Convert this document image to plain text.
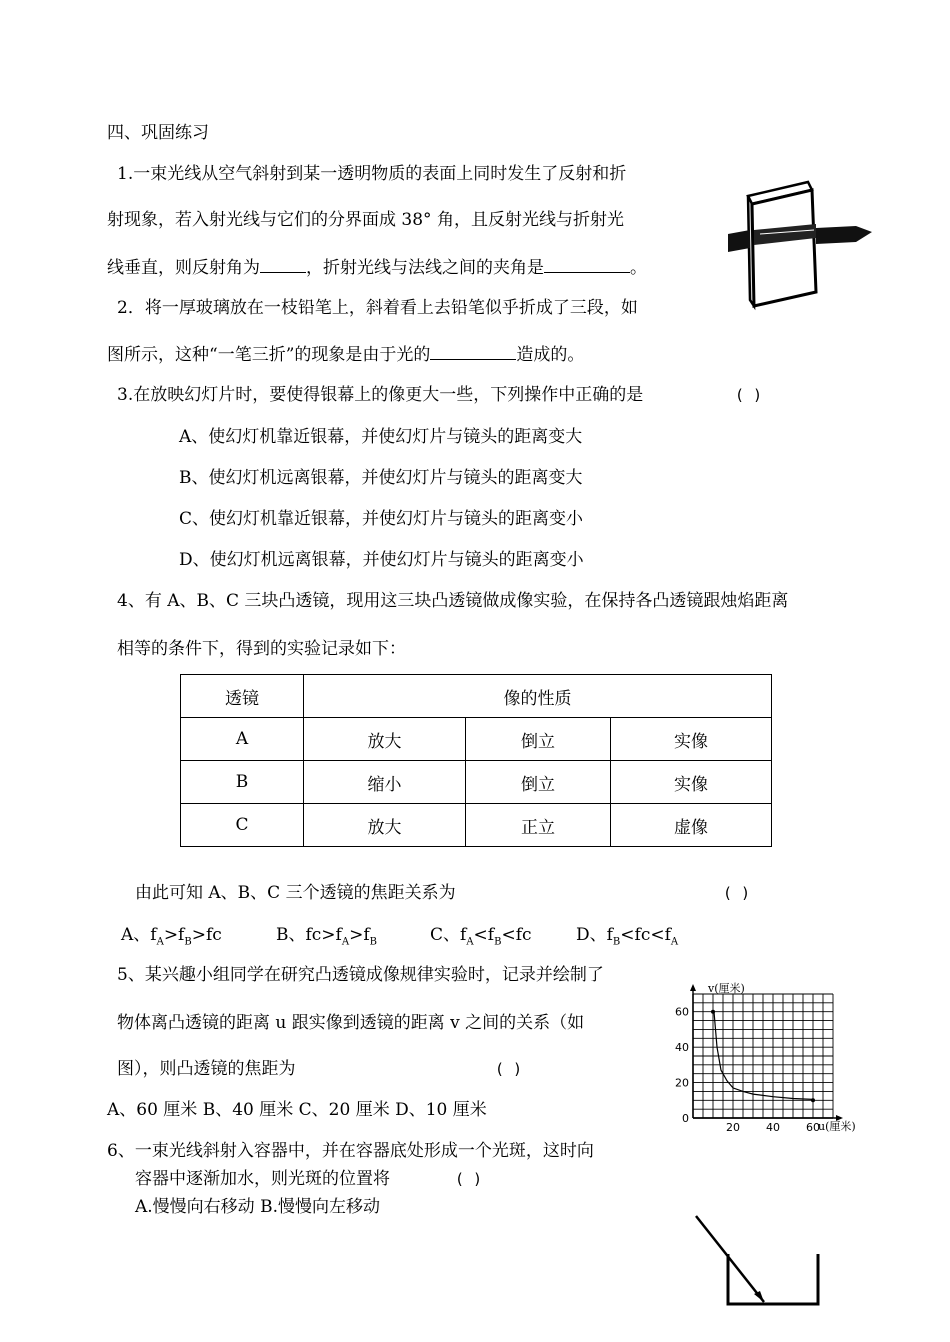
四、巩固练习
1.一束光线从空气斜射到某一透明物质的表面上同时发生了反射和折
射现象，若入射光线与它们的分界面成 38° 角，且反射光线与折射光
线垂直，则反射角为	，折射光线与法线之间的夹角是	。
2．将一厚玻璃放在一枝铅笔上，斜着看上去铅笔似乎折成了三段，如
图所示，这种“一笔三折”的现象是由于光的	造成的。
3.在放映幻灯片时，要使得银幕上的像更大一些，下列操作中正确的是	( )
A、使幻灯机靠近银幕，并使幻灯片与镜头的距离变大
B、使幻灯机远离银幕，并使幻灯片与镜头的距离变大
C、使幻灯机靠近银幕，并使幻灯片与镜头的距离变小
D、使幻灯机远离银幕，并使幻灯片与镜头的距离变小
4、有 A、B、C 三块凸透镜，现用这三块凸透镜做成像实验，在保持各凸透镜跟烛焰距离
相等的条件下，得到的实验记录如下：
透镜	像的性质		
A	放大	倒立	实像
B	缩小	倒立	实像
C	放大	正立	虚像
由此可知 A、B、C 三个透镜的焦距关系为	( )
A、$f_A>f_B>fc$	B、$fc>f_A>f_B$	C、$f_A<f_B<fc$	D、$f_B<fc<f_A$
5、某兴趣小组同学在研究凸透镜成像规律实验时，记录并绘制了
物体离凸透镜的距离 u 跟实像到透镜的距离 v 之间的关系（如
图），则凸透镜的焦距为	( )
A、60 厘米 B、40 厘米 C、20 厘米 D、10 厘米
20 40 60
0
20
40
60
v(厘米)
u(厘米)
6、一束光线斜射入容器中，并在容器底处形成一个光斑，这时向
容器中逐渐加水，则光斑的位置将	( )
A.慢慢向右移动 B.慢慢向左移动
